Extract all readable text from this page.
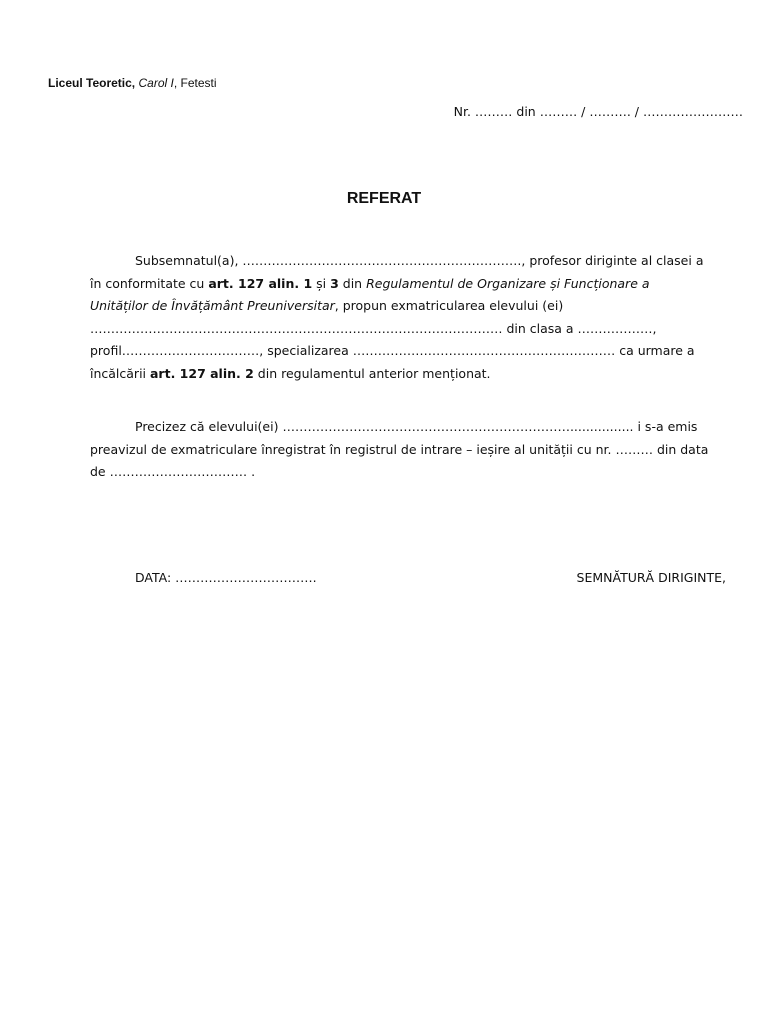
Liceul Teoretic, Carol I, Fetesti
Nr. ……… din ……… / ………. / ……………………
REFERAT

Subsemnatul(a), …………………………………………………………., profesor diriginte al clasei a în conformitate cu art. 127 alin. 1 și 3 din Regulamentul de Organizare și Funcționare a Unităților de Învățământ Preuniversitar, propun exmatricularea elevului (ei) ……………………………………………………………………………………… din clasa a ………………, profil……………………………, specializarea ……………………………………………………… ca urmare a încălcării art. 127 alin. 2 din regulamentul anterior menționat.

Precizez că elevului(ei) ……………………………………………………………................ i s-a emis preavizul de exmatriculare înregistrat în registrul de intrare – ieșire al unității cu nr. ……… din data de …………………………… .

DATA: …………………………….	SEMNĂTURĂ DIRIGINTE,
